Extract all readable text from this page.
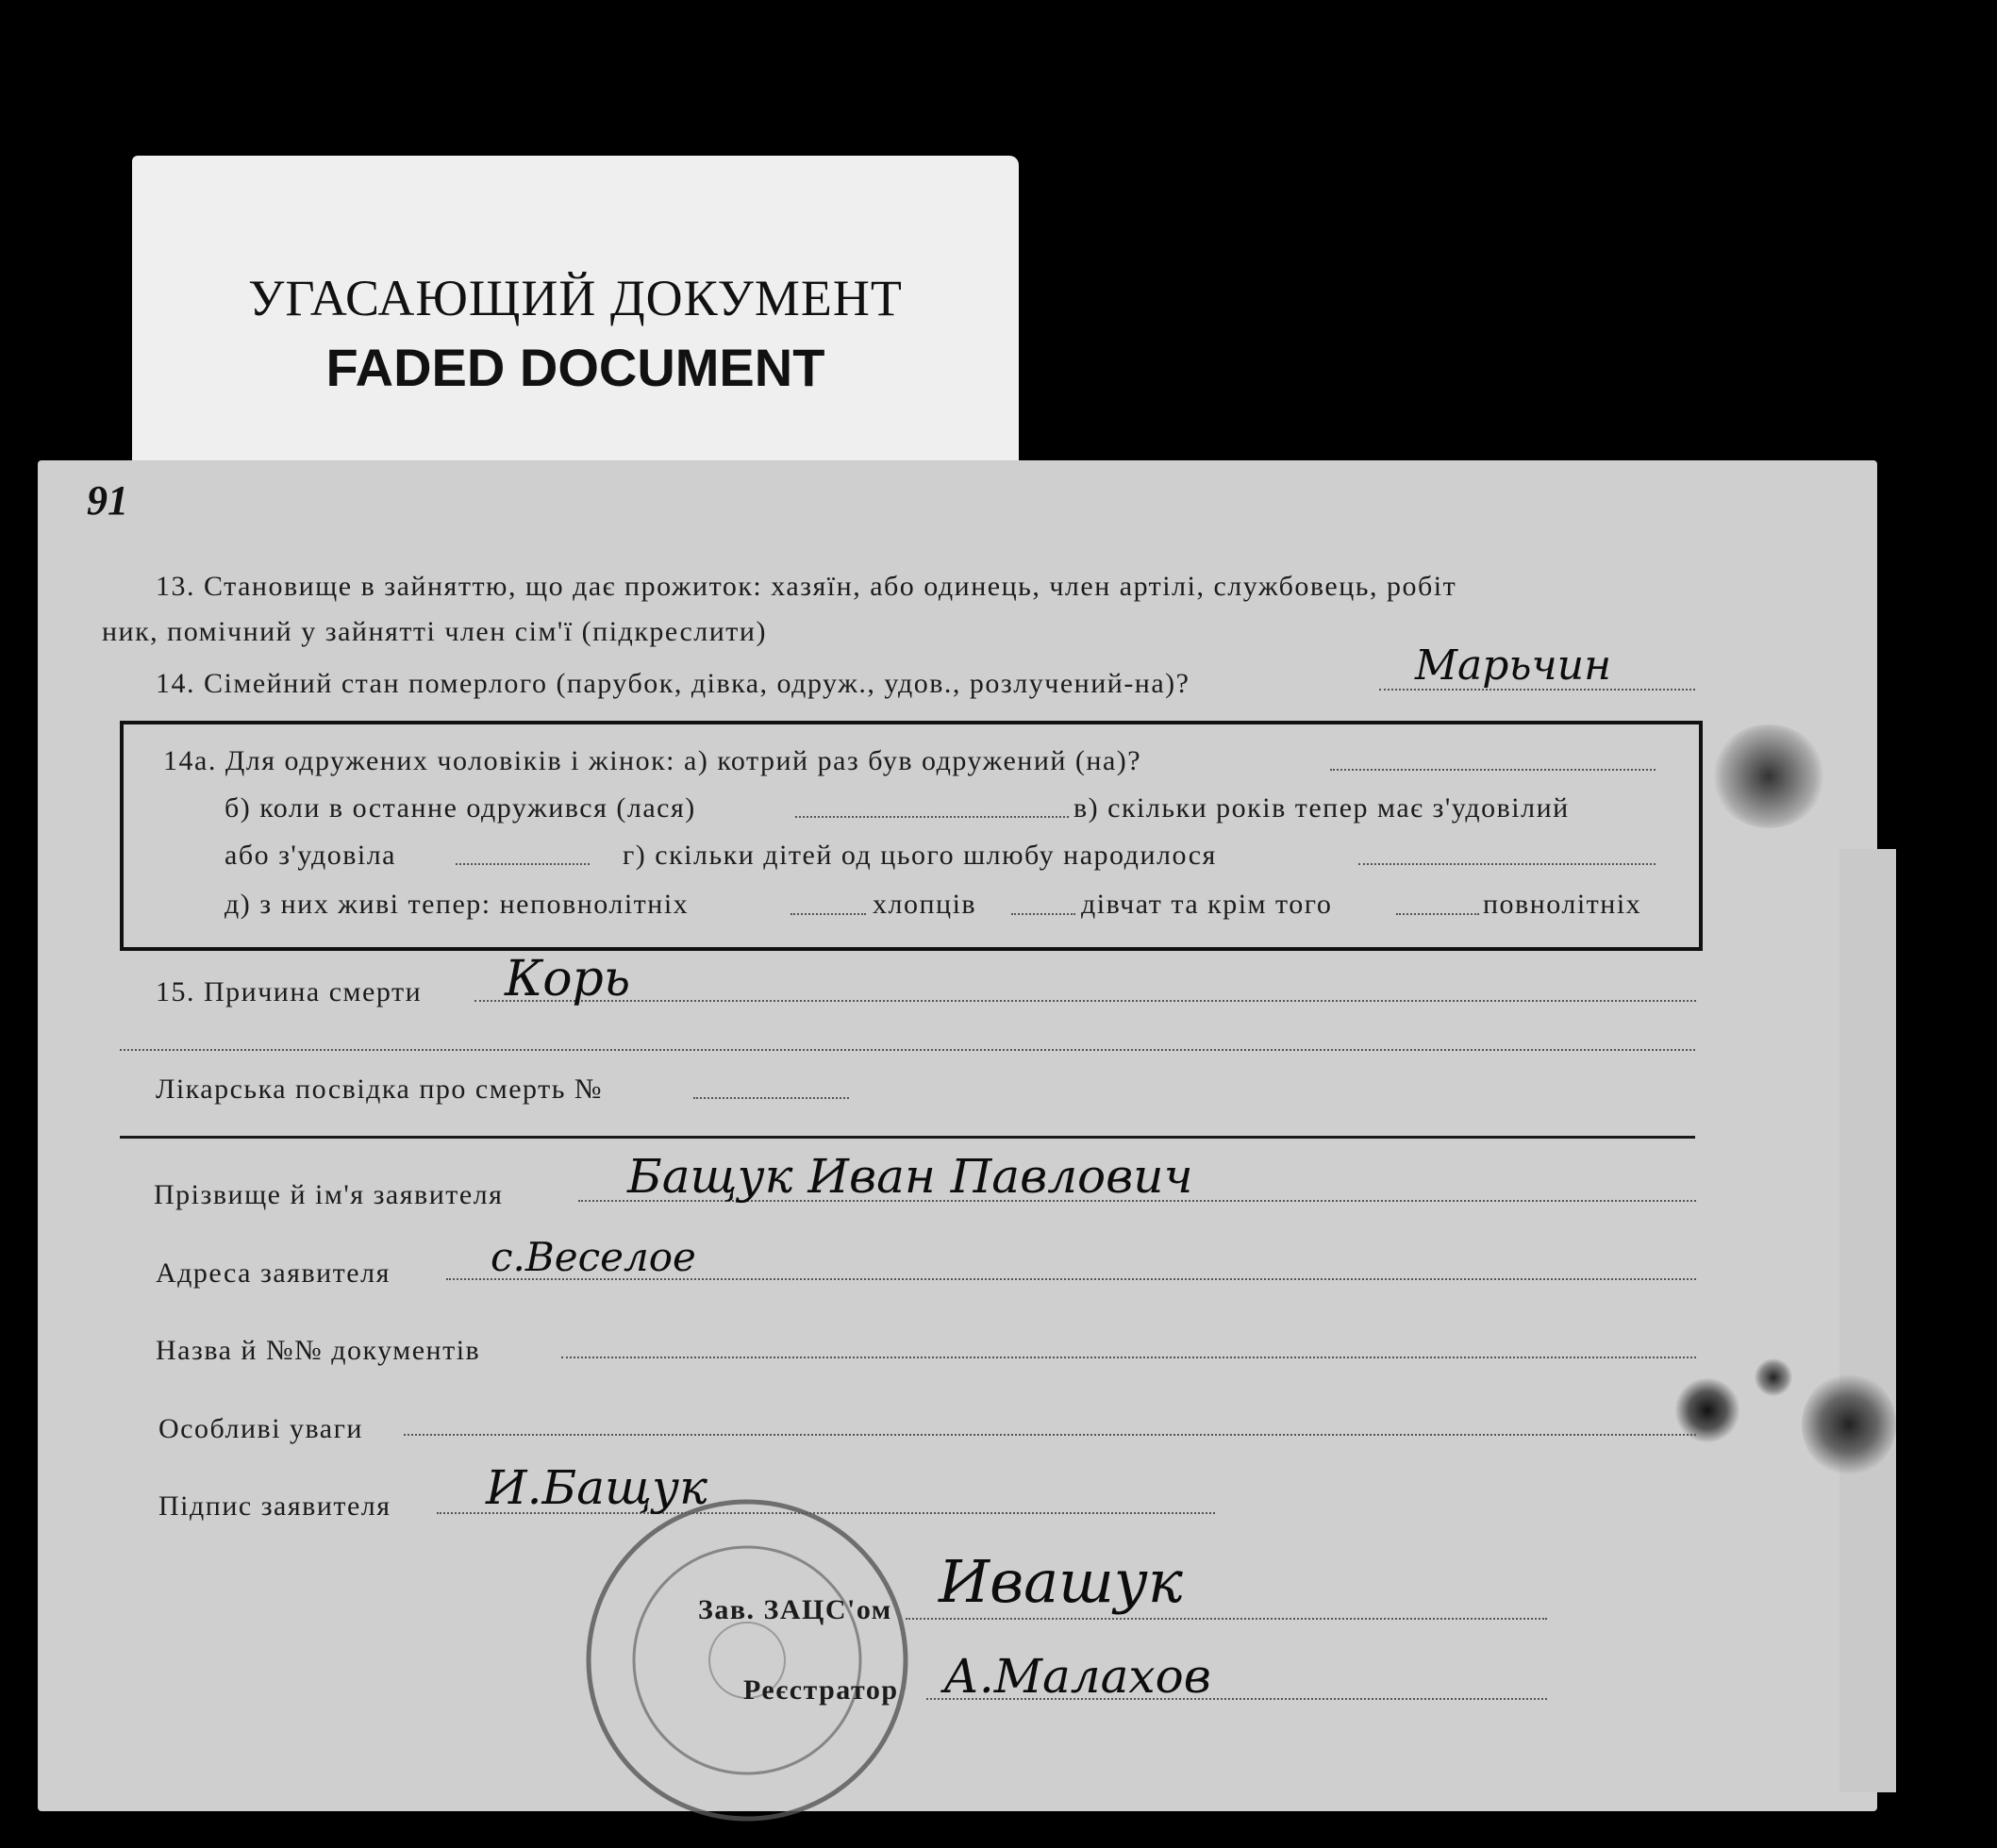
УГАСАЮЩИЙ ДОКУМЕНТ
FADED DOCUMENT
91
13. Становище в зайняттю, що дає прожиток: хазяїн, або одинець, член артілі, службовець, робіт
ник, помічний у зайнятті член сім'ї (підкреслити)
14. Сімейний стан померлого (парубок, дівка, одруж., удов., розлучений-на)?	Марьчин
14а. Для одружених чоловіків і жінок: а) котрий раз був одружений (на)?
б) коли в останне одружився (лася)	в) скільки років тепер має з'удовілий
або з'удовіла	г) скільки дітей од цього шлюбу народилося
д) з них живі тепер: неповнолітніх	хлопців	дівчат та крім того	повнолітніх
15. Причина смерти Корь
Лікарська посвідка про смерть №
Прізвище й ім'я заявителя	Бащук Иван Павлович
Адреса заявителя	с.Веселое
Назва й №№ документів
Особливі уваги
Підпис заявителя И.Бащук
Зав. ЗАЦС'ом Ивашук
Реєстратор А.Малахов
